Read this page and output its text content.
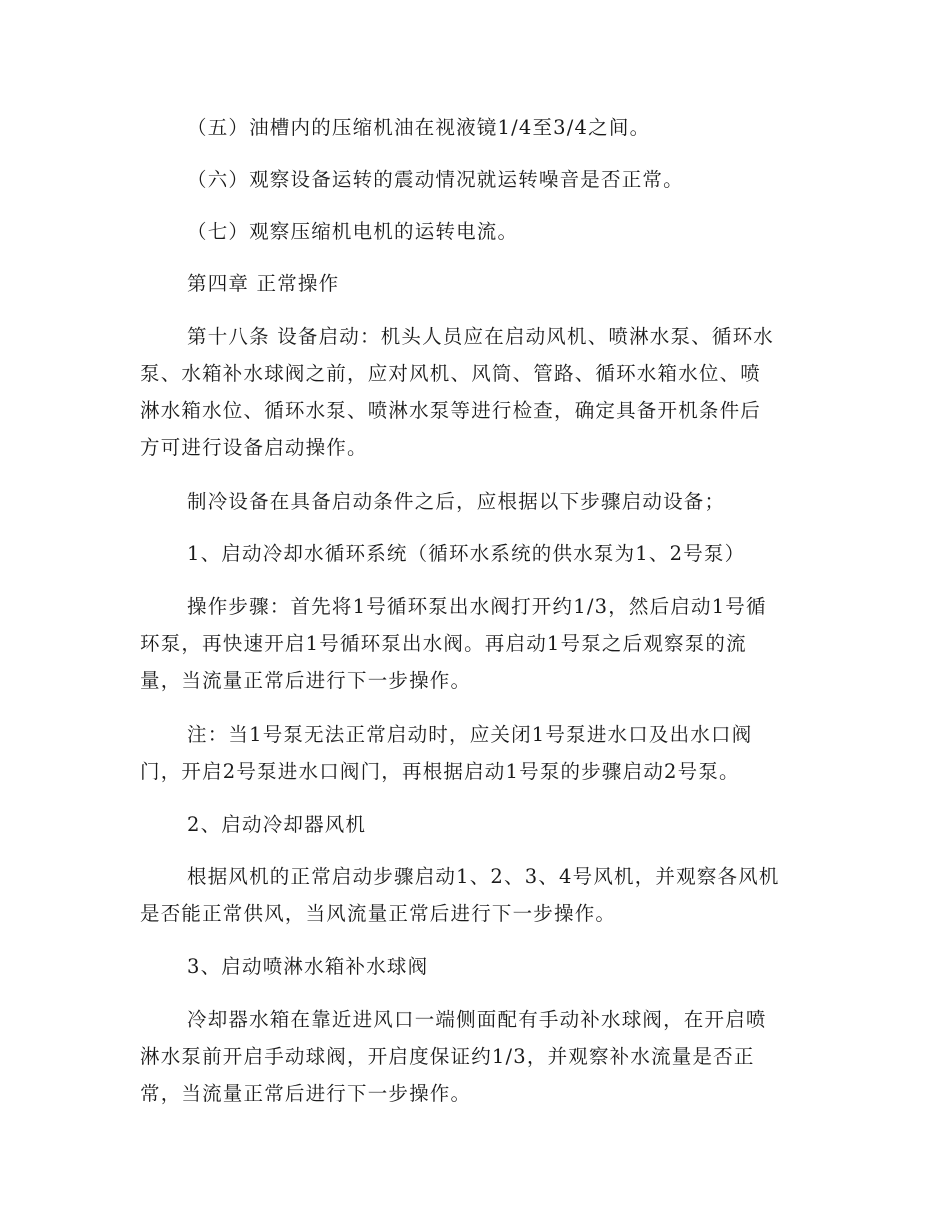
（五）油槽内的压缩机油在视液镜1/4至3/4之间。

（六）观察设备运转的震动情况就运转噪音是否正常。

（七）观察压缩机电机的运转电流。

第四章 正常操作

第十八条 设备启动：机头人员应在启动风机、喷淋水泵、循环水
泵、水箱补水球阀之前，应对风机、风筒、管路、循环水箱水位、喷
淋水箱水位、循环水泵、喷淋水泵等进行检查，确定具备开机条件后
方可进行设备启动操作。

制冷设备在具备启动条件之后，应根据以下步骤启动设备；

1、启动冷却水循环系统（循环水系统的供水泵为1、2号泵）

操作步骤：首先将1号循环泵出水阀打开约1/3，然后启动1号循
环泵，再快速开启1号循环泵出水阀。再启动1号泵之后观察泵的流
量，当流量正常后进行下一步操作。

注：当1号泵无法正常启动时，应关闭1号泵进水口及出水口阀
门，开启2号泵进水口阀门，再根据启动1号泵的步骤启动2号泵。

2、启动冷却器风机

根据风机的正常启动步骤启动1、2、3、4号风机，并观察各风机
是否能正常供风，当风流量正常后进行下一步操作。

3、启动喷淋水箱补水球阀

冷却器水箱在靠近进风口一端侧面配有手动补水球阀，在开启喷
淋水泵前开启手动球阀，开启度保证约1/3，并观察补水流量是否正
常，当流量正常后进行下一步操作。
